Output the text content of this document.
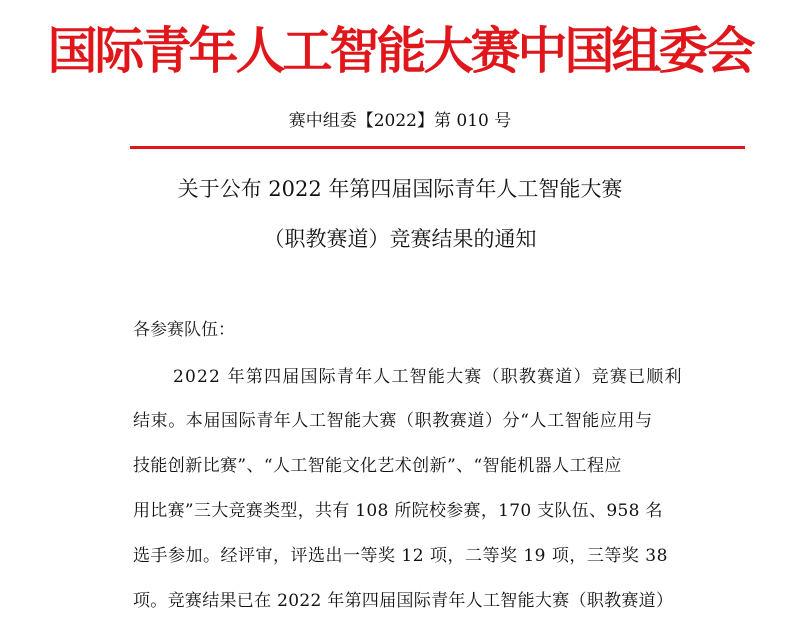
国际青年人工智能大赛中国组委会
赛中组委【2022】第 010 号
关于公布 2022 年第四届国际青年人工智能大赛
（职教赛道）竞赛结果的通知
各参赛队伍：
2022 年第四届国际青年人工智能大赛（职教赛道）竞赛已顺利
结束。本届国际青年人工智能大赛（职教赛道）分“人工智能应用与
技能创新比赛”、“人工智能文化艺术创新”、“智能机器人工程应
用比赛”三大竞赛类型，共有 108 所院校参赛，170 支队伍、958 名
选手参加。经评审，评选出一等奖 12 项，二等奖 19 项，三等奖 38
项。竞赛结果已在 2022 年第四届国际青年人工智能大赛（职教赛道）
